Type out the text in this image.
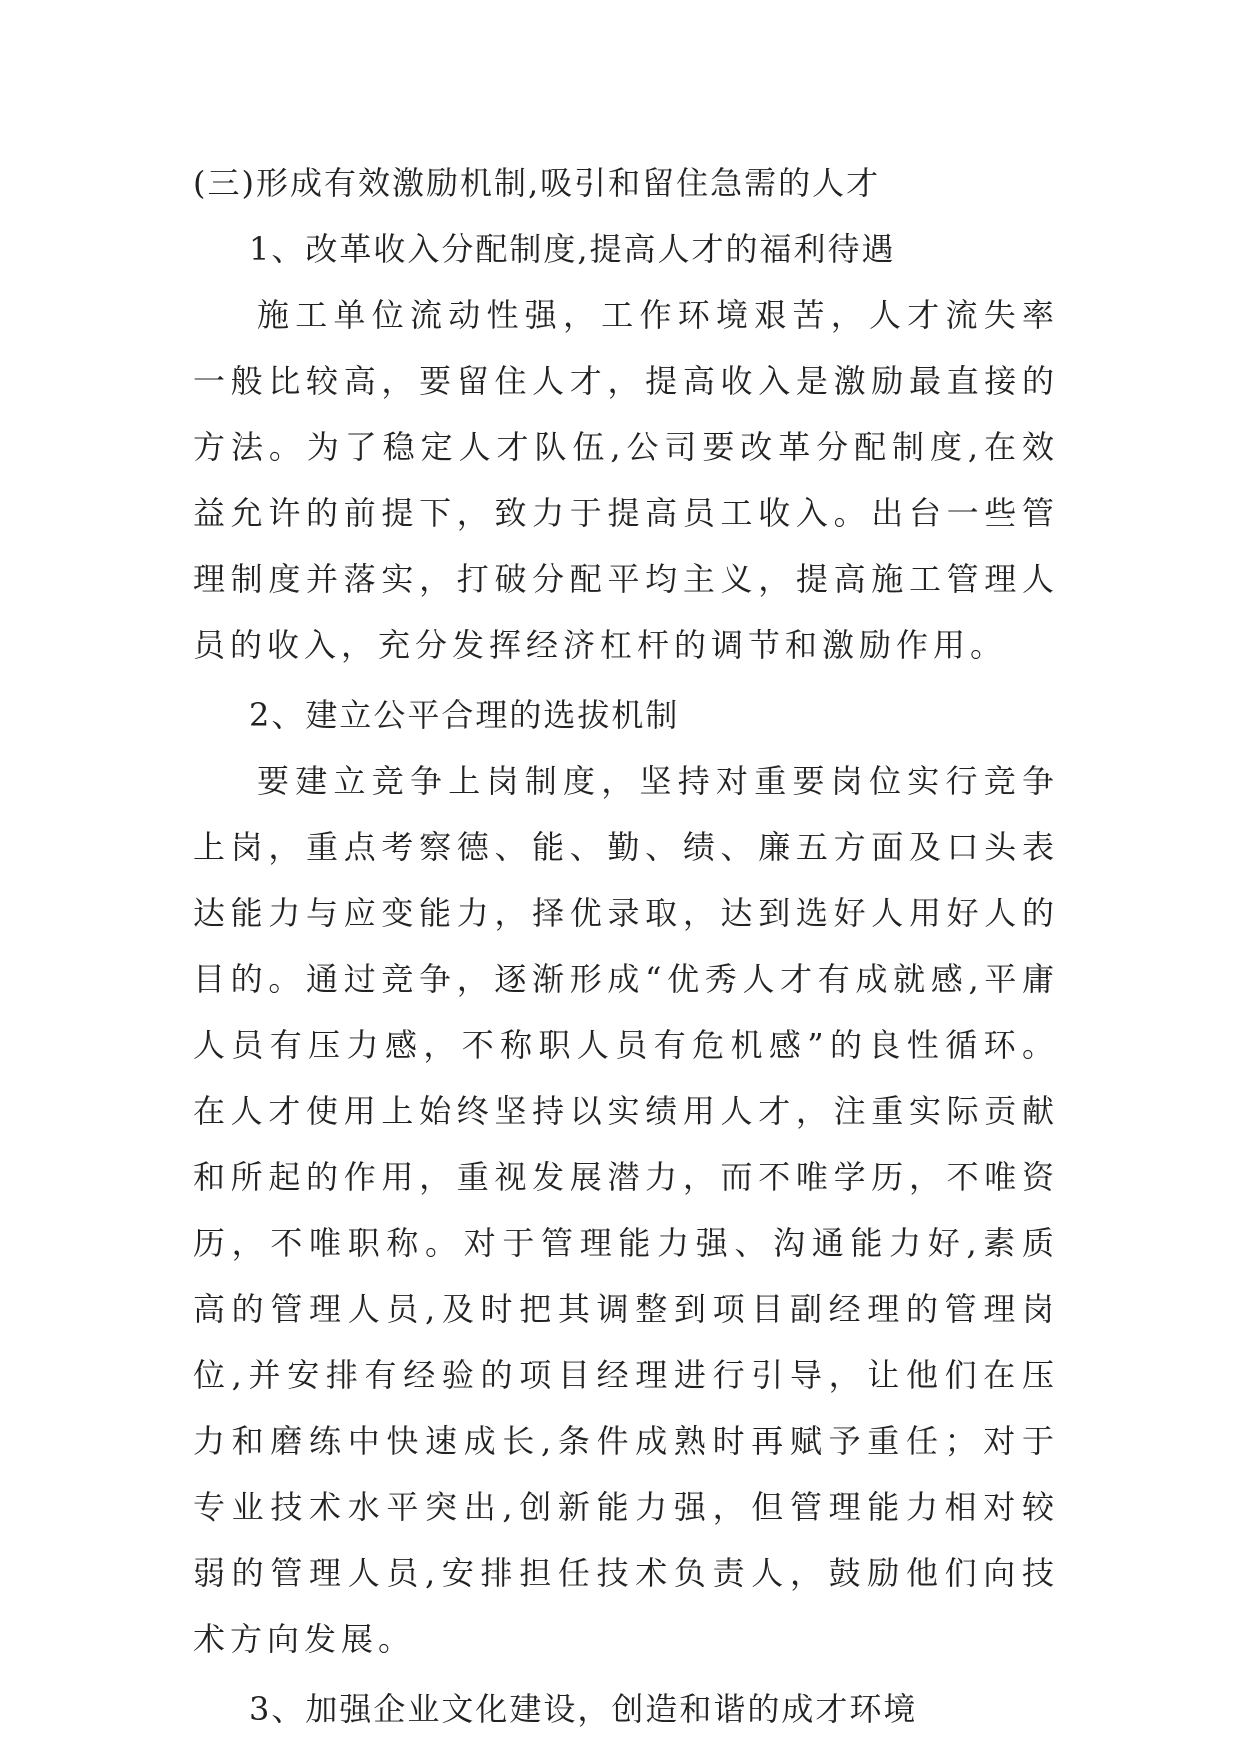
(三)形成有效激励机制,吸引和留住急需的人才
1、改革收入分配制度,提高人才的福利待遇

施工单位流动性强，工作环境艰苦，人才流失率一般比较高，要留住人才，提高收入是激励最直接的方法。为了稳定人才队伍,公司要改革分配制度,在效益允许的前提下，致力于提高员工收入。出台一些管理制度并落实，打破分配平均主义，提高施工管理人员的收入，充分发挥经济杠杆的调节和激励作用。

2、建立公平合理的选拔机制

要建立竞争上岗制度，坚持对重要岗位实行竞争上岗，重点考察德、能、勤、绩、廉五方面及口头表达能力与应变能力，择优录取，达到选好人用好人的目的。通过竞争，逐渐形成“优秀人才有成就感,平庸人员有压力感，不称职人员有危机感”的良性循环。在人才使用上始终坚持以实绩用人才，注重实际贡献和所起的作用，重视发展潜力，而不唯学历，不唯资历，不唯职称。对于管理能力强、沟通能力好,素质高的管理人员,及时把其调整到项目副经理的管理岗位,并安排有经验的项目经理进行引导，让他们在压力和磨练中快速成长,条件成熟时再赋予重任；对于专业技术水平突出,创新能力强，但管理能力相对较弱的管理人员,安排担任技术负责人，鼓励他们向技术方向发展。

3、加强企业文化建设，创造和谐的成才环境
